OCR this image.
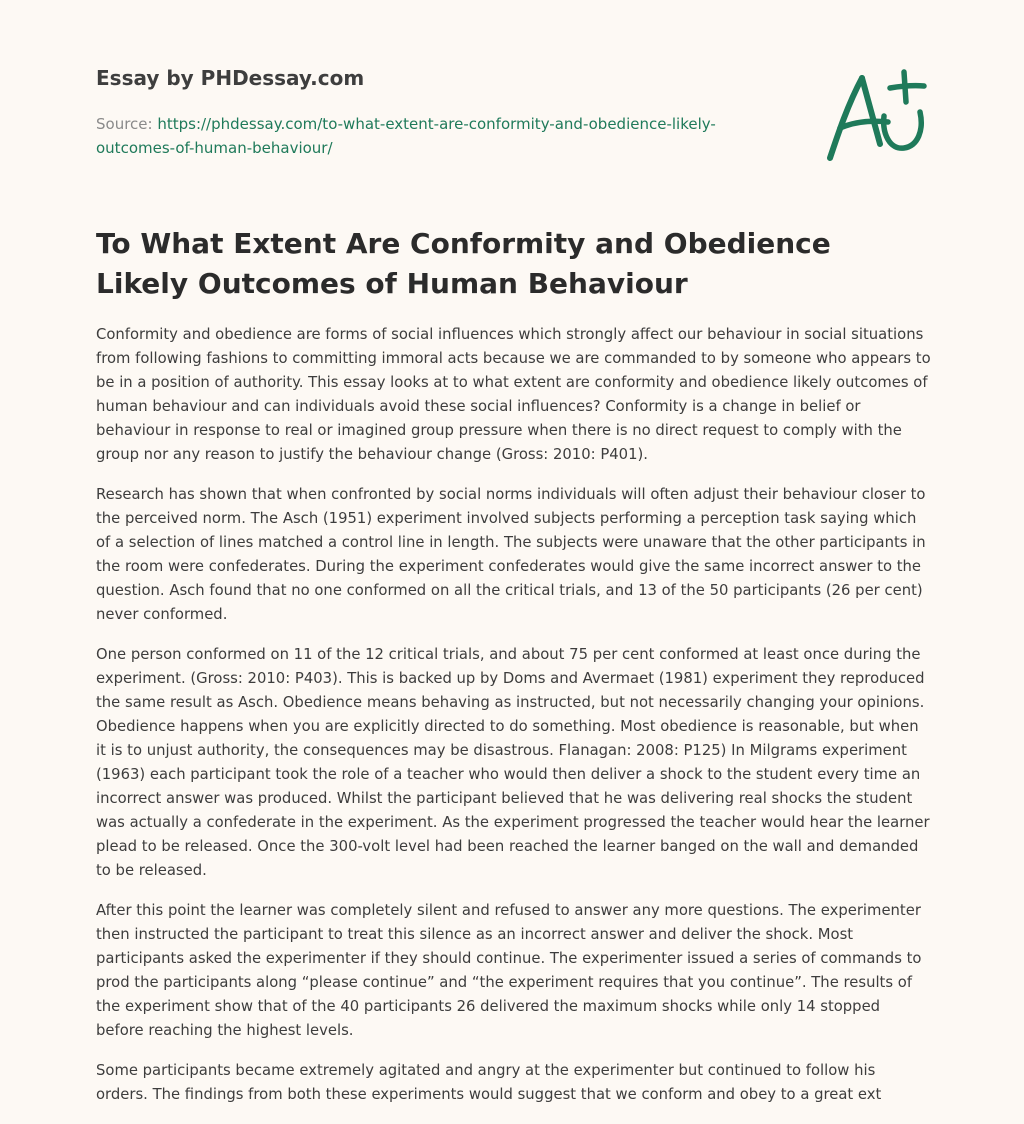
Essay by PHDessay.com

Source: https://phdessay.com/to-what-extent-are-conformity-and-obedience-likely-
outcomes-of-human-behaviour/

To What Extent Are Conformity and Obedience Likely Outcomes of Human Behaviour

Conformity and obedience are forms of social influences which strongly affect our behaviour in social situations from following fashions to committing immoral acts because we are commanded to by someone who appears to be in a position of authority. This essay looks at to what extent are conformity and obedience likely outcomes of human behaviour and can individuals avoid these social influences? Conformity is a change in belief or behaviour in response to real or imagined group pressure when there is no direct request to comply with the group nor any reason to justify the behaviour change (Gross: 2010: P401).

Research has shown that when confronted by social norms individuals will often adjust their behaviour closer to the perceived norm. The Asch (1951) experiment involved subjects performing a perception task saying which of a selection of lines matched a control line in length. The subjects were unaware that the other participants in the room were confederates. During the experiment confederates would give the same incorrect answer to the question. Asch found that no one conformed on all the critical trials, and 13 of the 50 participants (26 per cent) never conformed.

One person conformed on 11 of the 12 critical trials, and about 75 per cent conformed at least once during the experiment. (Gross: 2010: P403). This is backed up by Doms and Avermaet (1981) experiment they reproduced the same result as Asch. Obedience means behaving as instructed, but not necessarily changing your opinions. Obedience happens when you are explicitly directed to do something. Most obedience is reasonable, but when it is to unjust authority, the consequences may be disastrous. Flanagan: 2008: P125) In Milgrams experiment (1963) each participant took the role of a teacher who would then deliver a shock to the student every time an incorrect answer was produced. Whilst the participant believed that he was delivering real shocks the student was actually a confederate in the experiment. As the experiment progressed the teacher would hear the learner plead to be released. Once the 300-volt level had been reached the learner banged on the wall and demanded to be released.

After this point the learner was completely silent and refused to answer any more questions. The experimenter then instructed the participant to treat this silence as an incorrect answer and deliver the shock. Most participants asked the experimenter if they should continue. The experimenter issued a series of commands to prod the participants along “please continue” and “the experiment requires that you continue”. The results of the experiment show that of the 40 participants 26 delivered the maximum shocks while only 14 stopped before reaching the highest levels.

Some participants became extremely agitated and angry at the experimenter but continued to follow his orders. The findings from both these experiments would suggest that we conform and obey to a great ext
